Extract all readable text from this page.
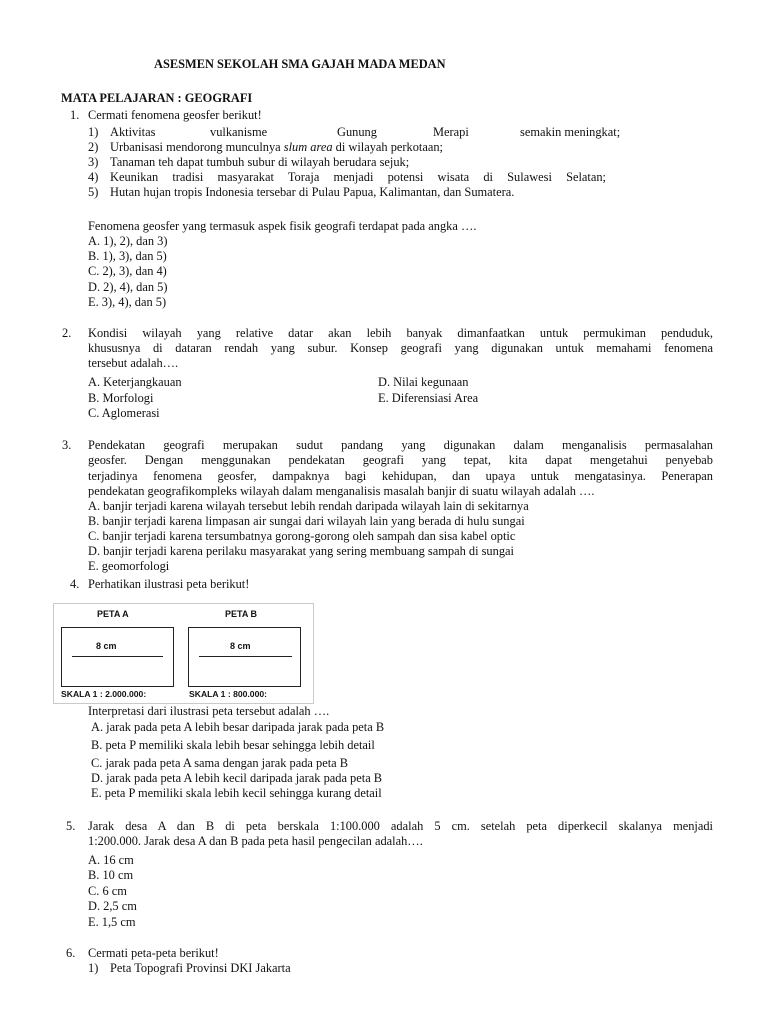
ASESMEN SEKOLAH SMA GAJAH MADA MEDAN
MATA PELAJARAN : GEOGRAFI
1. Cermati fenomena geosfer berikut!
1) Aktivitas	vulkanisme	Gunung	Merapi	semakin meningkat;
2) Urbanisasi mendorong munculnya slum area di wilayah perkotaan;
3) Tanaman teh dapat tumbuh subur di wilayah berudara sejuk;
4) Keunikan tradisi masyarakat Toraja menjadi potensi wisata di Sulawesi Selatan;
5) Hutan hujan tropis Indonesia tersebar di Pulau Papua, Kalimantan, dan Sumatera.
Fenomena geosfer yang termasuk aspek fisik geografi terdapat pada angka ….
A. 1), 2), dan 3)
B. 1), 3), dan 5)
C. 2), 3), dan 4)
D. 2), 4), dan 5)
E. 3), 4), dan 5)
2. Kondisi wilayah yang relative datar akan lebih banyak dimanfaatkan untuk permukiman penduduk,
khususnya di dataran rendah yang subur. Konsep geografi yang digunakan untuk memahami fenomena
tersebut adalah….
A. Keterjangkauan
B. Morfologi
C. Aglomerasi
D. Nilai kegunaan
E. Diferensiasi Area
3. Pendekatan geografi merupakan sudut pandang yang digunakan dalam menganalisis permasalahan
geosfer. Dengan menggunakan pendekatan geografi yang tepat, kita dapat mengetahui penyebab
terjadinya fenomena geosfer, dampaknya bagi kehidupan, dan upaya untuk mengatasinya. Penerapan
pendekatan geografikompleks wilayah dalam menganalisis masalah banjir di suatu wilayah adalah ….
A. banjir terjadi karena wilayah tersebut lebih rendah daripada wilayah lain di sekitarnya
B. banjir terjadi karena limpasan air sungai dari wilayah lain yang berada di hulu sungai
C. banjir terjadi karena tersumbatnya gorong-gorong oleh sampah dan sisa kabel optic
D. banjir terjadi karena perilaku masyarakat yang sering membuang sampah di sungai
E. geomorfologi
4. Perhatikan ilustrasi peta berikut!
PETA A	PETA B
8 cm	8 cm
SKALA 1 : 2.000.000:	SKALA 1 : 800.000:
Interpretasi dari ilustrasi peta tersebut adalah ….
A. jarak pada peta A lebih besar daripada jarak pada peta B
B. peta P memiliki skala lebih besar sehingga lebih detail
C. jarak pada peta A sama dengan jarak pada peta B
D. jarak pada peta A lebih kecil daripada jarak pada peta B
E. peta P memiliki skala lebih kecil sehingga kurang detail
5. Jarak desa A dan B di peta berskala 1:100.000 adalah 5 cm. setelah peta diperkecil skalanya menjadi
1:200.000. Jarak desa A dan B pada peta hasil pengecilan adalah….
A. 16 cm
B. 10 cm
C. 6 cm
D. 2,5 cm
E. 1,5 cm
6. Cermati peta-peta berikut!
1) Peta Topografi Provinsi DKI Jakarta
